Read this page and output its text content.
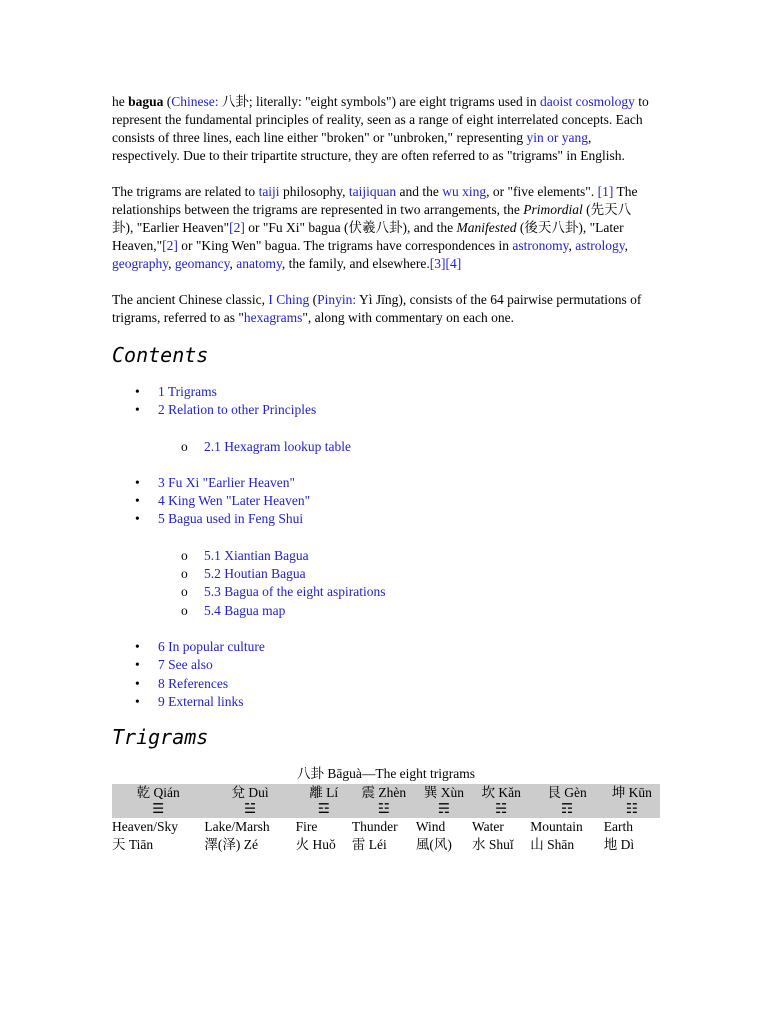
he bagua (Chinese: 八卦; literally: "eight symbols") are eight trigrams used in daoist cosmology to represent the fundamental principles of reality, seen as a range of eight interrelated concepts. Each consists of three lines, each line either "broken" or "unbroken," representing yin or yang, respectively. Due to their tripartite structure, they are often referred to as "trigrams" in English.

The trigrams are related to taiji philosophy, taijiquan and the wu xing, or "five elements". [1] The relationships between the trigrams are represented in two arrangements, the Primordial (先天八卦), "Earlier Heaven"[2] or "Fu Xi" bagua (伏羲八卦), and the Manifested (後天八卦), "Later Heaven,"[2] or "King Wen" bagua. The trigrams have correspondences in astronomy, astrology, geography, geomancy, anatomy, the family, and elsewhere.[3][4]

The ancient Chinese classic, I Ching (Pinyin: Yì Jīng), consists of the 64 pairwise permutations of trigrams, referred to as "hexagrams", along with commentary on each one.

Contents
• 1 Trigrams
• 2 Relation to other Principles
o 2.1 Hexagram lookup table
• 3 Fu Xi "Earlier Heaven"
• 4 King Wen "Later Heaven"
• 5 Bagua used in Feng Shui
o 5.1 Xiantian Bagua
o 5.2 Houtian Bagua
o 5.3 Bagua of the eight aspirations
o 5.4 Bagua map
• 6 In popular culture
• 7 See also
• 8 References
• 9 External links
Trigrams
八卦 Bāguà—The eight trigrams
乾 Qián	兌 Duì	離 Lí	震 Zhèn	巽 Xùn	坎 Kǎn	艮 Gèn	坤 Kūn
☰	☱	☲	☳	☴	☵	☶	☷
Heaven/Sky	Lake/Marsh	Fire	Thunder	Wind	Water	Mountain	Earth
天 Tiān	澤(泽) Zé	火 Huǒ	雷 Léi	風(风)	水 Shuǐ	山 Shān	地 Dì
